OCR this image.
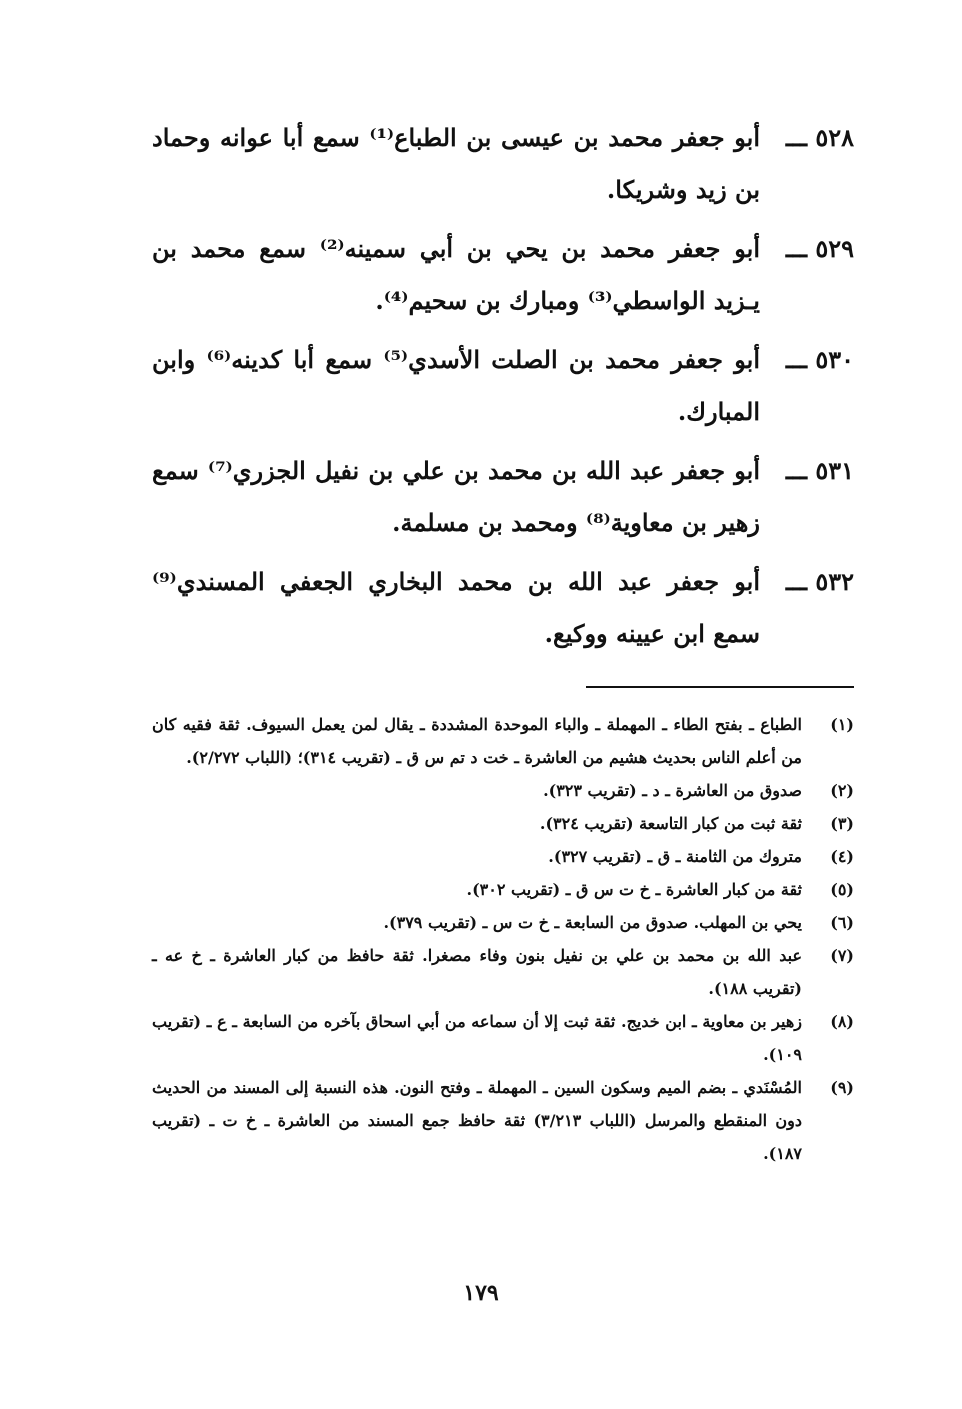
٥٢٨ ـــ
أبو جعفر محمد بن عيسى بن الطباع⁽¹⁾ سمع أبا عوانه وحماد بن زيد وشريكا.
٥٢٩ ـــ
أبو جعفر محمد بن يحي بن أبي سمينه⁽²⁾ سمع محمد بن يـزيد الواسطي⁽³⁾ ومبارك بن سحيم⁽⁴⁾.
٥٣٠ ـــ
أبو جعفر محمد بن الصلت الأسدي⁽⁵⁾ سمع أبا كدينه⁽⁶⁾ وابن المبارك.
٥٣١ ـــ
أبو جعفر عبد الله بن محمد بن علي بن نفيل الجزري⁽⁷⁾ سمع زهير بن معاوية⁽⁸⁾ ومحمد بن مسلمة.
٥٣٢ ـــ
أبو جعفر عبد الله بن محمد البخاري الجعفي المسندي⁽⁹⁾ سمع ابن عيينه ووكيع.
(١)
الطباع ـ بفتح الطاء ـ المهملة ـ والباء الموحدة المشددة ـ يقال لمن يعمل السيوف. ثقة فقيه كان من أعلم الناس بحديث هشيم من العاشرة ـ خت د تم س ق ـ (تقريب ٣١٤)؛ (اللباب ٢/٢٧٢).
(٢)
صدوق من العاشرة ـ د ـ (تقريب ٣٢٣).
(٣)
ثقة ثبت من كبار التاسعة (تقريب ٣٢٤).
(٤)
متروك من الثامنة ـ ق ـ (تقريب ٣٢٧).
(٥)
ثقة من كبار العاشرة ـ خ ت س ق ـ (تقريب ٣٠٢).
(٦)
يحي بن المهلب. صدوق من السابعة ـ خ ت س ـ (تقريب ٣٧٩).
(٧)
عبد الله بن محمد بن علي بن نفيل بنون وفاء مصغرا. ثقة حافظ من كبار العاشرة ـ خ عه ـ (تقريب ١٨٨).
(٨)
زهير بن معاوية ـ ابن خديج. ثقة ثبت إلا أن سماعه من أبي اسحاق بآخره من السابعة ـ ع ـ (تقريب ١٠٩).
(٩)
المُسْنَدي ـ بضم الميم وسكون السين ـ المهملة ـ وفتح النون. هذه النسبة إلى المسند من الحديث دون المنقطع والمرسل (اللباب ٣/٢١٣) ثقة حافظ جمع المسند من العاشرة ـ خ ت ـ (تقريب ١٨٧).
١٧٩
